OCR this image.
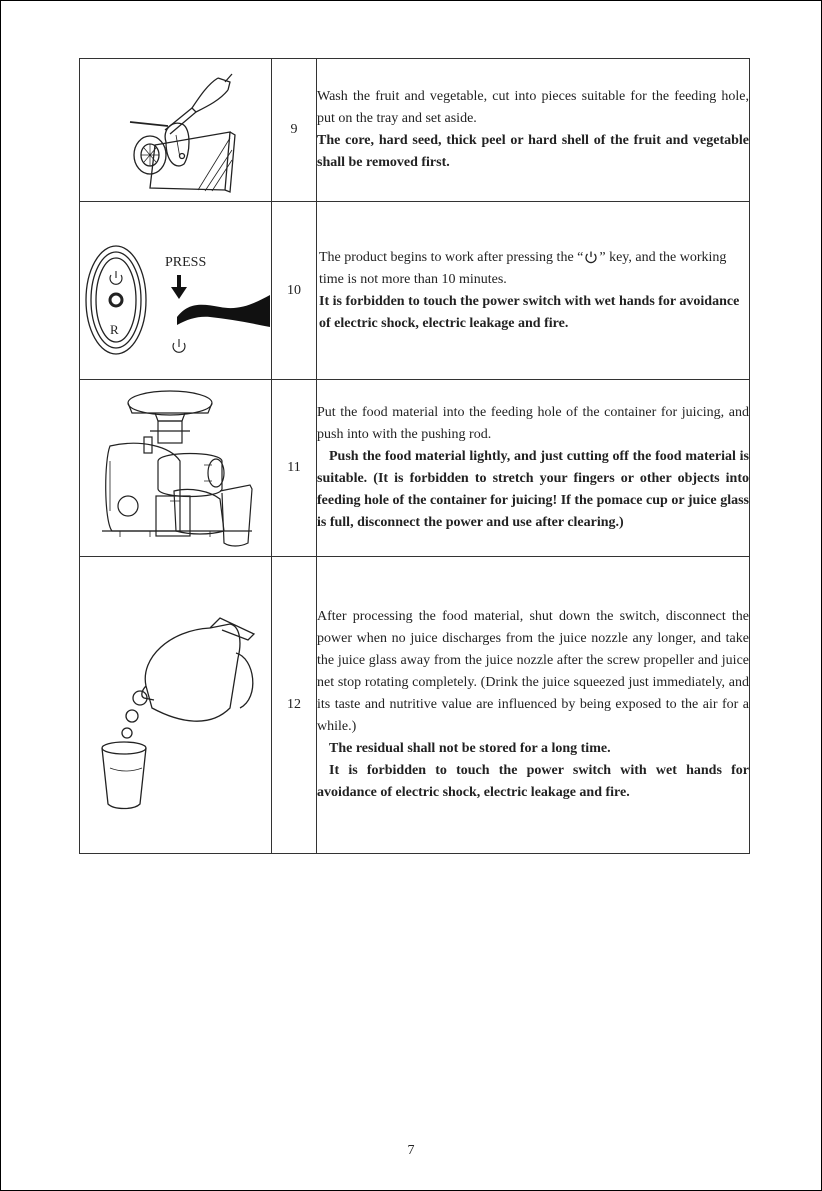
	9	Wash the fruit and vegetable, cut into pieces suitable for the feeding hole, put on the tray and set aside.
The core, hard seed, thick peel or hard shell of the fruit and vegetable shall be removed first.

PRESS
R	10	The product begins to work after pressing the “ ” key, and the working time is not more than 10 minutes.
It is forbidden to touch the power switch with wet hands for avoidance of electric shock, electric leakage and fire.

	11	Put the food material into the feeding hole of the container for juicing, and push into with the pushing rod.
Push the food material lightly, and just cutting off the food material is suitable. (It is forbidden to stretch your fingers or other objects into feeding hole of the container for juicing! If the pomace cup or juice glass is full, disconnect the power and use after clearing.)

	12	After processing the food material, shut down the switch, disconnect the power when no juice discharges from the juice nozzle any longer, and take the juice glass away from the juice nozzle after the screw propeller and juice net stop rotating completely. (Drink the juice squeezed just immediately, and its taste and nutritive value are influenced by being exposed to the air for a while.)
The residual shall not be stored for a long time.
It is forbidden to touch the power switch with wet hands for avoidance of electric shock, electric leakage and fire.
7
